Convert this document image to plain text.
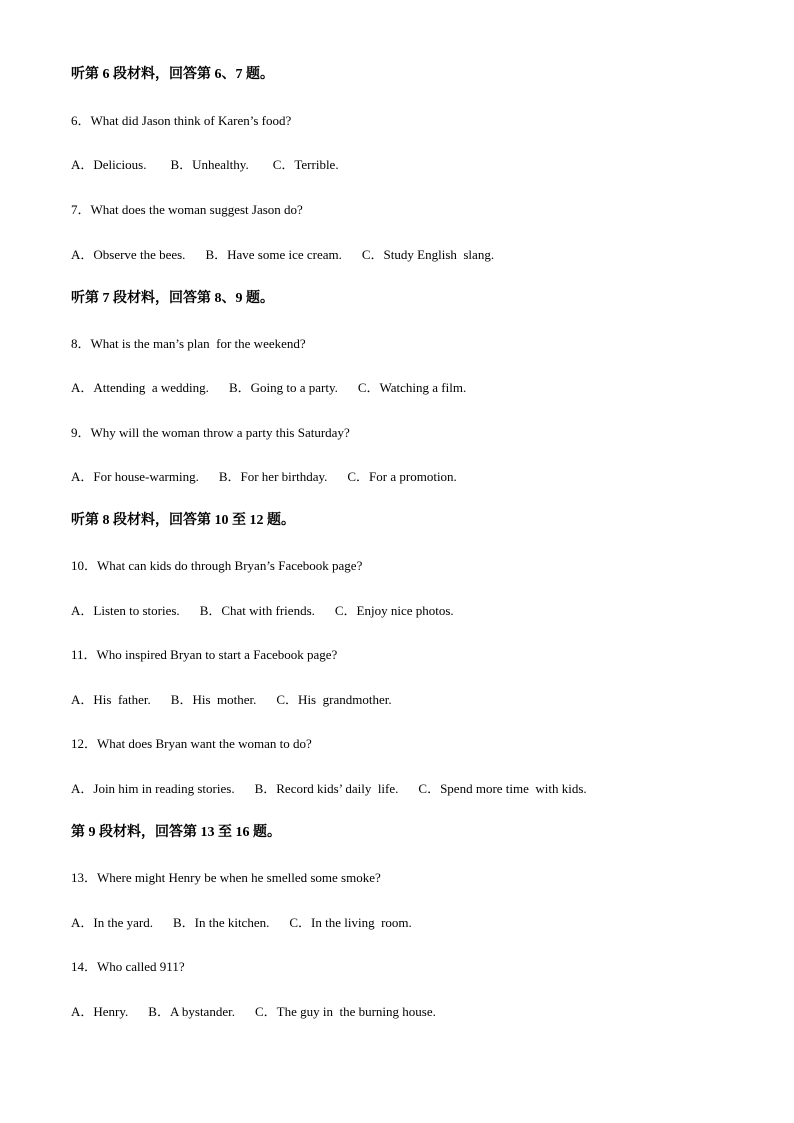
听第 6 段材料，回答第 6、7 题。
6．What did Jason think of Karen’s food?
A．Delicious. B．Unhealthy. C．Terrible.
7．What does the woman suggest Jason do?
A．Observe the bees. B．Have some ice cream. C．Study English  slang.
听第 7 段材料，回答第 8、9 题。
8．What is the man’s plan  for the weekend?
A．Attending  a wedding. B．Going to a party. C．Watching a film.
9．Why will the woman throw a party this Saturday?
A．For house-warming. B．For her birthday. C．For a promotion.
听第 8 段材料，回答第 10 至 12 题。
10．What can kids do through Bryan’s Facebook page?
A．Listen to stories. B．Chat with friends. C．Enjoy nice photos.
11．Who inspired Bryan to start a Facebook page?
A．His  father. B．His  mother. C．His  grandmother.
12．What does Bryan want the woman to do?
A．Join him in reading stories. B．Record kids’ daily  life. C．Spend more time  with kids.
第 9 段材料，回答第 13 至 16 题。
13．Where might Henry be when he smelled some smoke?
A．In the yard. B．In the kitchen. C．In the living  room.
14．Who called 911?
A．Henry. B．A bystander. C．The guy in  the burning house.
